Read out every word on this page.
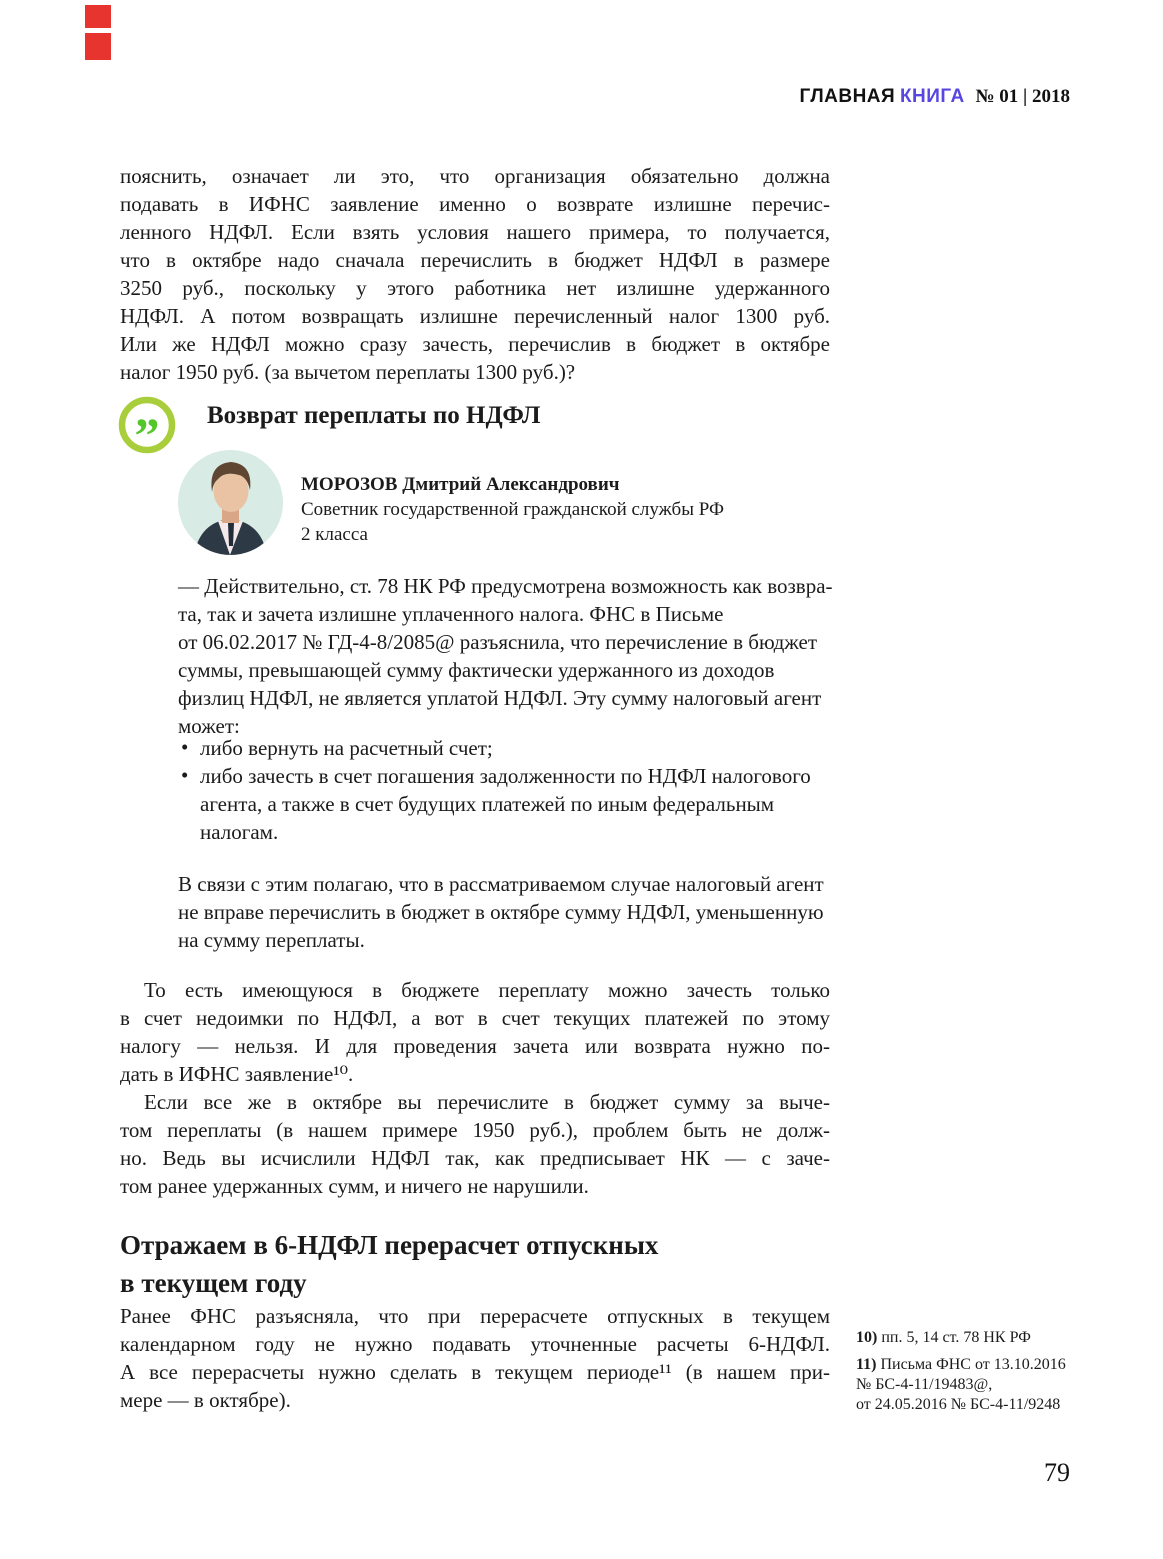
ГЛАВНАЯ КНИГА № 01 | 2018
пояснить, означает ли это, что организация обязательно должна
подавать в ИФНС заявление именно о возврате излишне перечис-
ленного НДФЛ. Если взять условия нашего примера, то получается,
что в октябре надо сначала перечислить в бюджет НДФЛ в размере
3250 руб., поскольку у этого работника нет излишне удержанного
НДФЛ. А потом возвращать излишне перечисленный налог 1300 руб.
Или же НДФЛ можно сразу зачесть, перечислив в бюджет в октябре
налог 1950 руб. (за вычетом переплаты 1300 руб.)?
” Возврат переплаты по НДФЛ
МОРОЗОВ Дмитрий Александрович
Советник государственной гражданской службы РФ
2 класса
— Действительно, ст. 78 НК РФ предусмотрена возможность как возвра-
та, так и зачета излишне уплаченного налога. ФНС в Письме
от 06.02.2017 № ГД-4-8/2085@ разъяснила, что перечисление в бюджет
суммы, превышающей сумму фактически удержанного из доходов
физлиц НДФЛ, не является уплатой НДФЛ. Эту сумму налоговый агент
может:
• либо вернуть на расчетный счет;
• либо зачесть в счет погашения задолженности по НДФЛ налогового
агента, а также в счет будущих платежей по иным федеральным
налогам.
В связи с этим полагаю, что в рассматриваемом случае налоговый агент
не вправе перечислить в бюджет в октябре сумму НДФЛ, уменьшенную
на сумму переплаты.
То есть имеющуюся в бюджете переплату можно зачесть только
в счет недоимки по НДФЛ, а вот в счет текущих платежей по этому
налогу — нельзя. И для проведения зачета или возврата нужно по-
дать в ИФНС заявление¹⁰.
Если все же в октябре вы перечислите в бюджет сумму за выче-
том переплаты (в нашем примере 1950 руб.), проблем быть не долж-
но. Ведь вы исчислили НДФЛ так, как предписывает НК — с заче-
том ранее удержанных сумм, и ничего не нарушили.
Отражаем в 6-НДФЛ перерасчет отпускных
в текущем году
Ранее ФНС разъясняла, что при перерасчете отпускных в текущем
календарном году не нужно подавать уточненные расчеты 6-НДФЛ.
А все перерасчеты нужно сделать в текущем периоде¹¹ (в нашем при-
мере — в октябре).
10) пп. 5, 14 ст. 78 НК РФ
11) Письма ФНС от 13.10.2016
№ БС-4-11/19483@,
от 24.05.2016 № БС-4-11/9248
79
